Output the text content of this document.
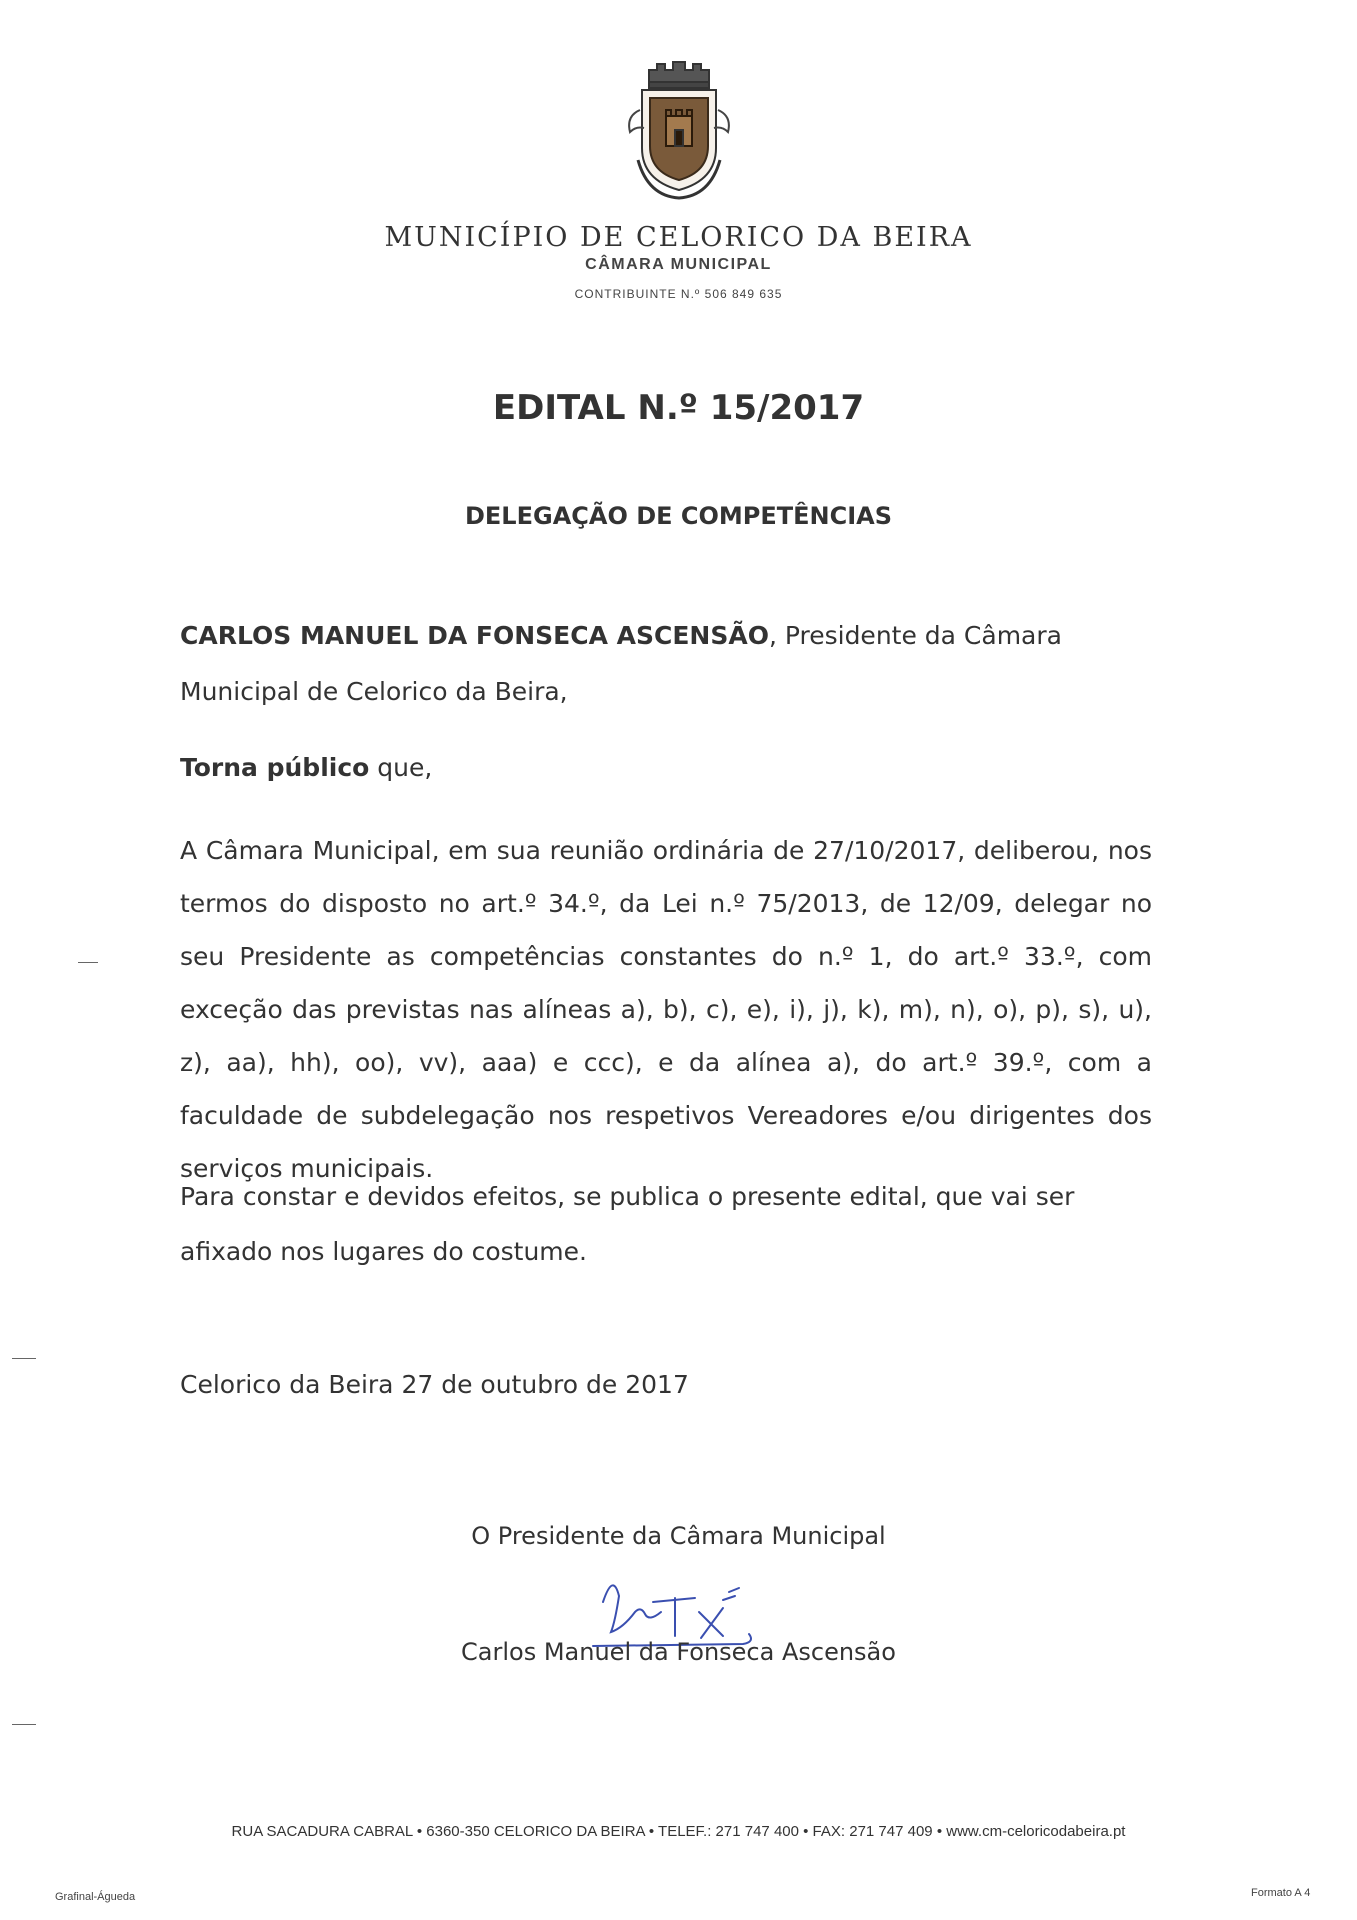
MUNICÍPIO DE CELORICO DA BEIRA
CÂMARA MUNICIPAL
CONTRIBUINTE N.º 506 849 635
EDITAL N.º 15/2017
DELEGAÇÃO DE COMPETÊNCIAS
CARLOS MANUEL DA FONSECA ASCENSÃO, Presidente da Câmara Municipal de Celorico da Beira,
Torna público que,
A Câmara Municipal, em sua reunião ordinária de 27/10/2017, deliberou, nos termos do disposto no art.º 34.º, da Lei n.º 75/2013, de 12/09, delegar no seu Presidente as competências constantes do n.º 1, do art.º 33.º, com exceção das previstas nas alíneas a), b), c), e), i), j), k), m), n), o), p), s), u), z), aa), hh), oo), vv), aaa) e ccc), e da alínea a), do art.º 39.º, com a faculdade de subdelegação nos respetivos Vereadores e/ou dirigentes dos serviços municipais.
Para constar e devidos efeitos, se publica o presente edital, que vai ser afixado nos lugares do costume.
Celorico da Beira 27 de outubro de 2017
O Presidente da Câmara Municipal
Carlos Manuel da Fonseca Ascensão
RUA SACADURA CABRAL • 6360-350 CELORICO DA BEIRA • TELEF.: 271 747 400 • FAX: 271 747 409 • www.cm-celoricodabeira.pt
Grafinal-Águeda	Formato A 4
